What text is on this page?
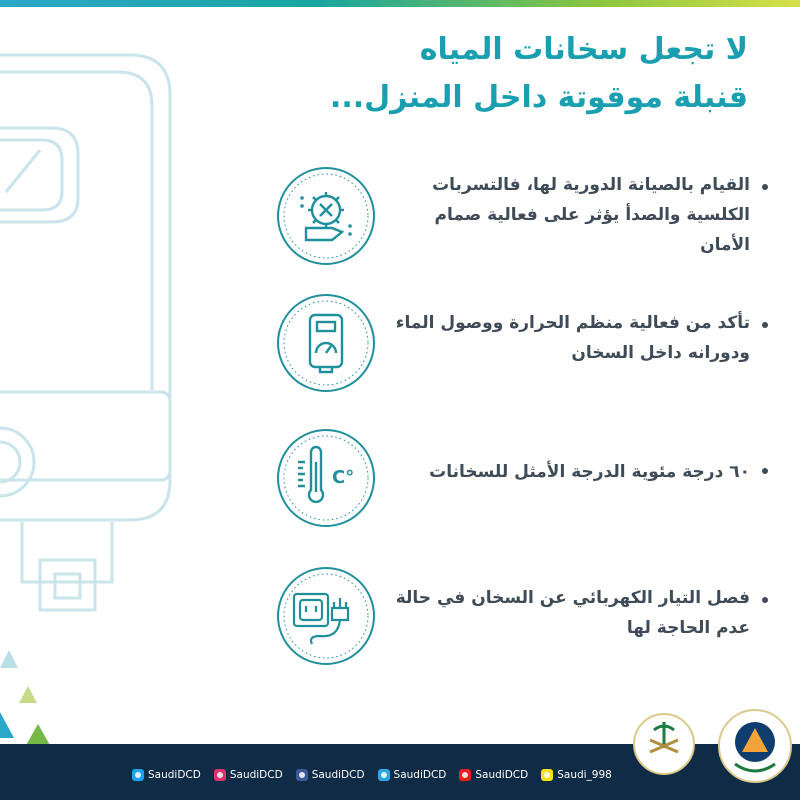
لا تجعل سخانات المياه
قنبلة موقوتة داخل المنزل...
القيام بالصيانة الدورية لها، فالتسربات الكلسية والصدأ يؤثر على فعالية صمام الأمان
تأكد من فعالية منظم الحرارة ووصول الماء ودورانه داخل السخان
C°	٦٠ درجة مئوية الدرجة الأمثل للسخانات
فصل التيار الكهربائي عن السخان في حالة عدم الحاجة لها
SaudiDCD	SaudiDCD	SaudiDCD	SaudiDCD	SaudiDCD	Saudi_998
